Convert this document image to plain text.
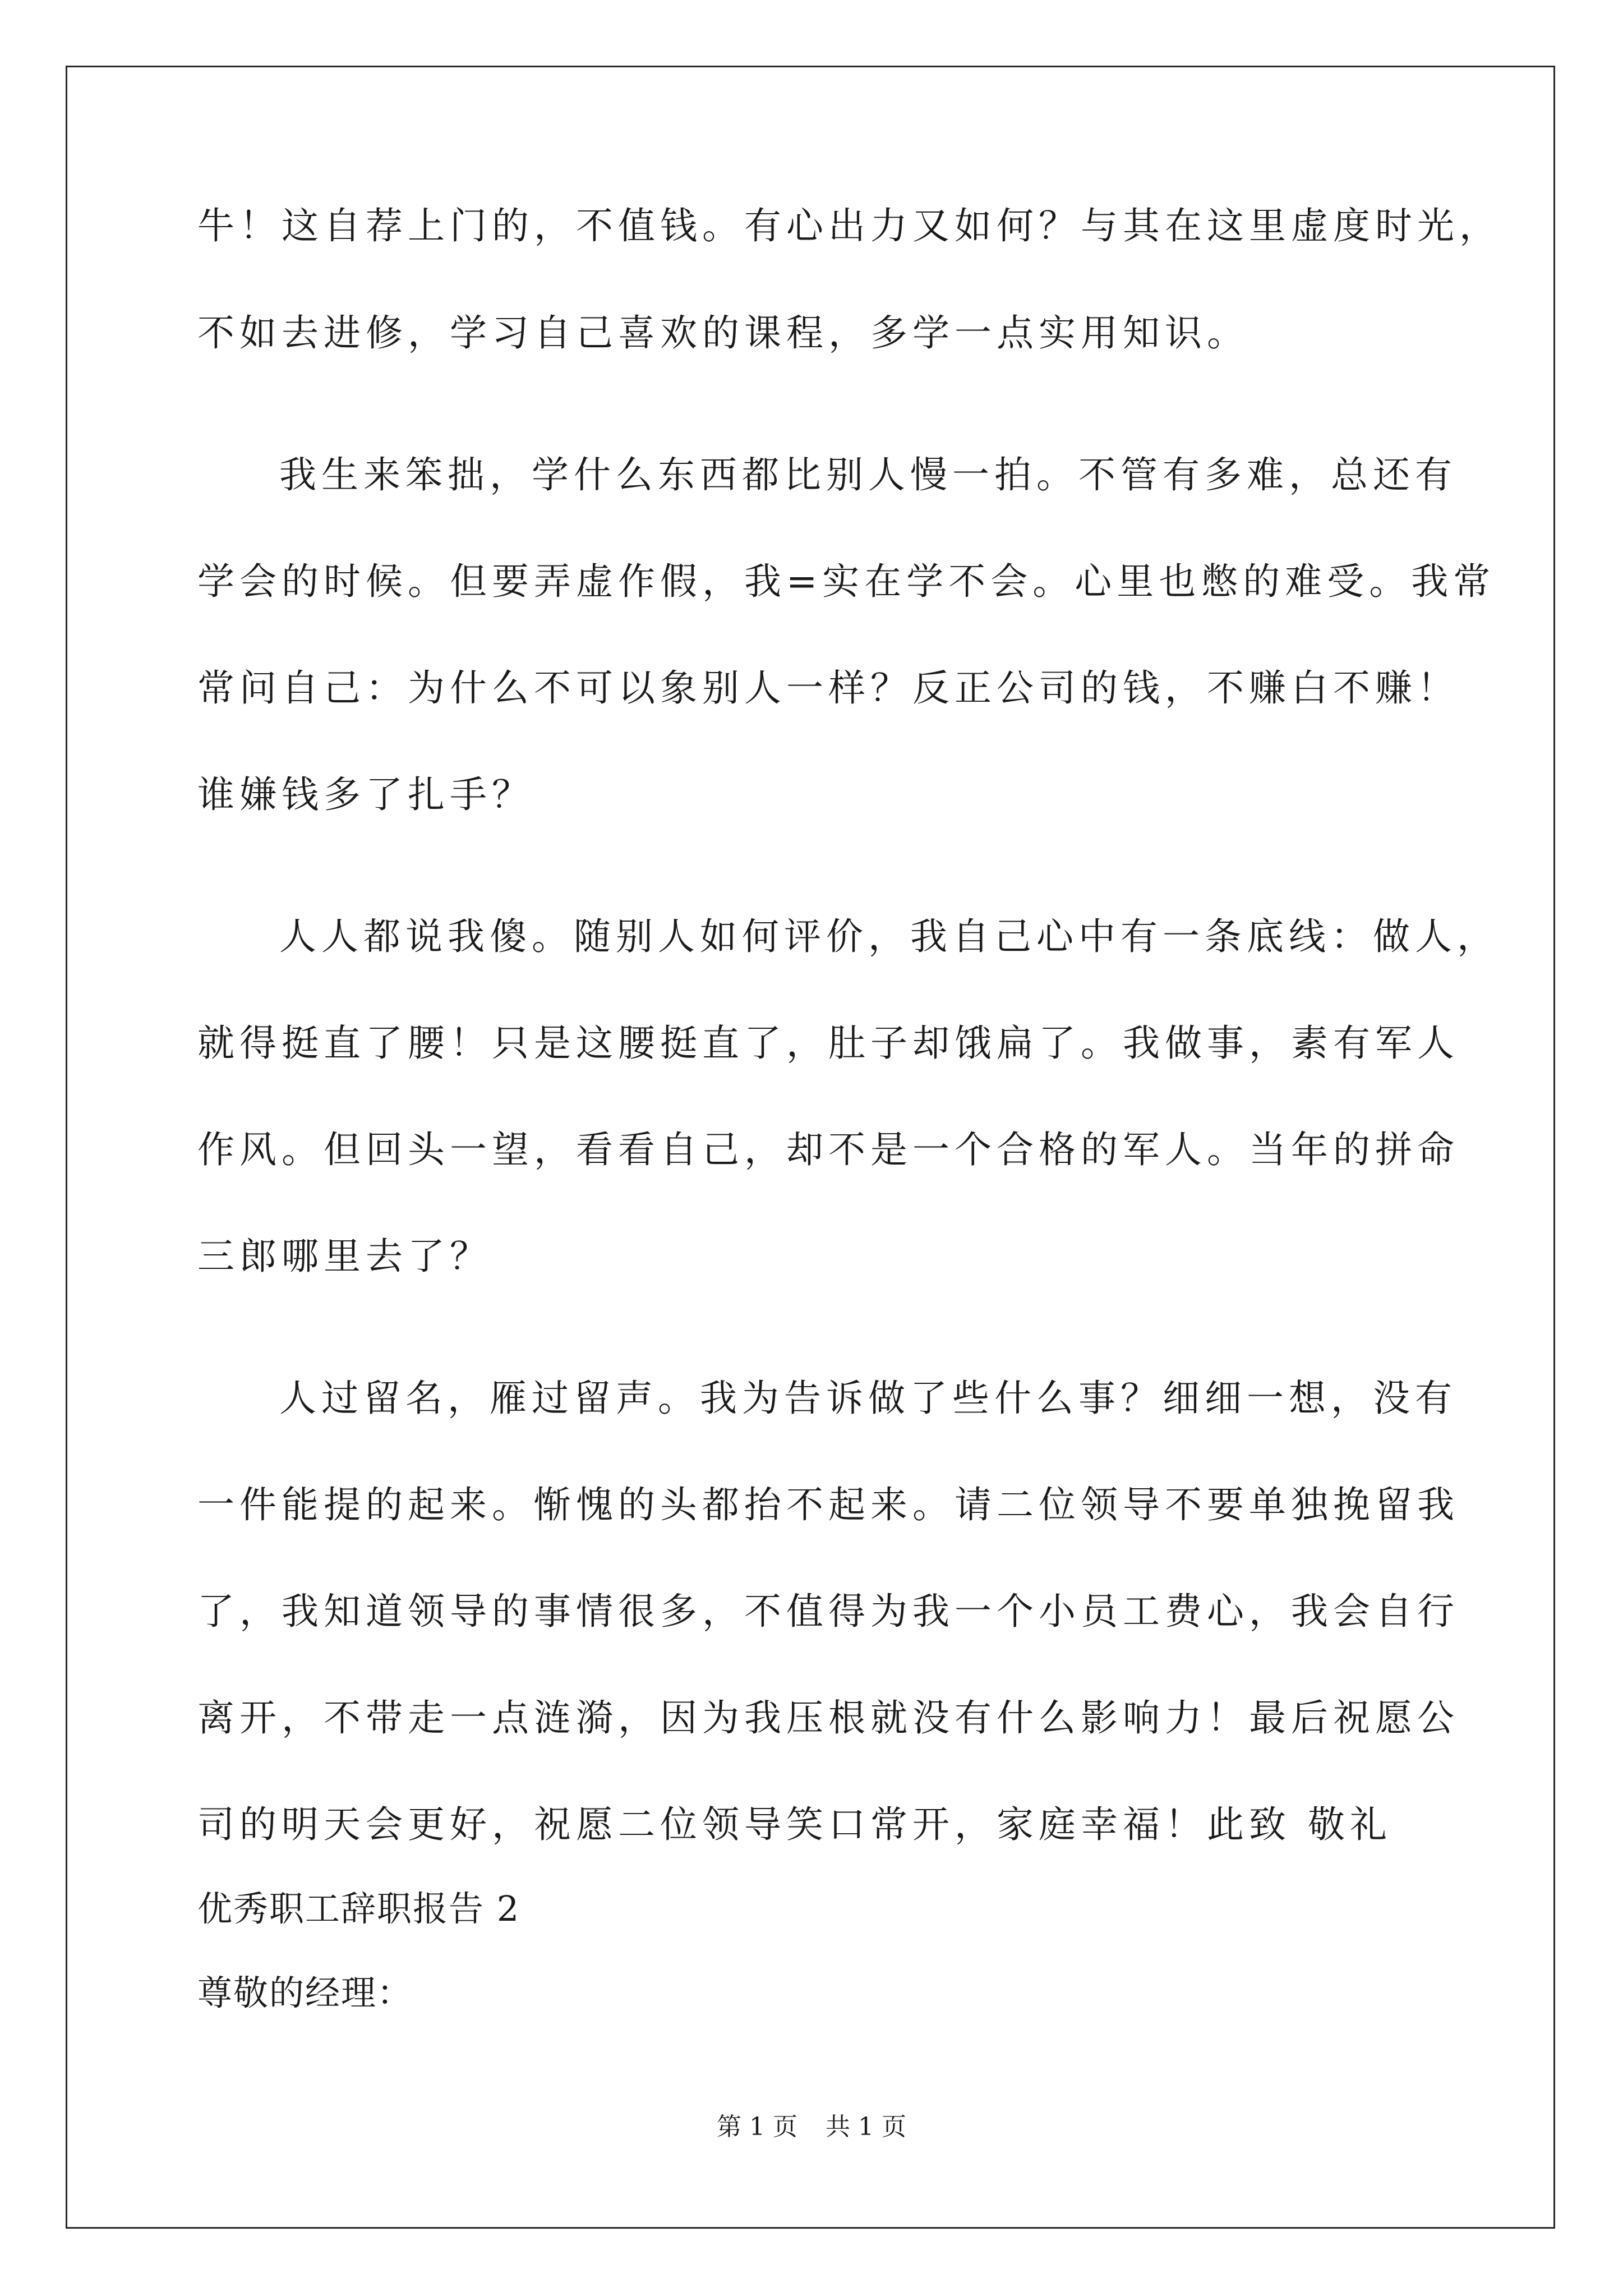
牛！这自荐上门的，不值钱。有心出力又如何？与其在这里虚度时光，
不如去进修，学习自己喜欢的课程，多学一点实用知识。
我生来笨拙，学什么东西都比别人慢一拍。不管有多难，总还有
学会的时候。但要弄虚作假，我=实在学不会。心里也憋的难受。我常
常问自己：为什么不可以象别人一样？反正公司的钱，不赚白不赚！
谁嫌钱多了扎手？
人人都说我傻。随别人如何评价，我自己心中有一条底线：做人，
就得挺直了腰！只是这腰挺直了，肚子却饿扁了。我做事，素有军人
作风。但回头一望，看看自己，却不是一个合格的军人。当年的拼命
三郎哪里去了？
人过留名，雁过留声。我为告诉做了些什么事？细细一想，没有
一件能提的起来。惭愧的头都抬不起来。请二位领导不要单独挽留我
了，我知道领导的事情很多，不值得为我一个小员工费心，我会自行
离开，不带走一点涟漪，因为我压根就没有什么影响力！最后祝愿公
司的明天会更好，祝愿二位领导笑口常开，家庭幸福！此致 敬礼
优秀职工辞职报告 2
尊敬的经理：
第 1 页 共 1 页
